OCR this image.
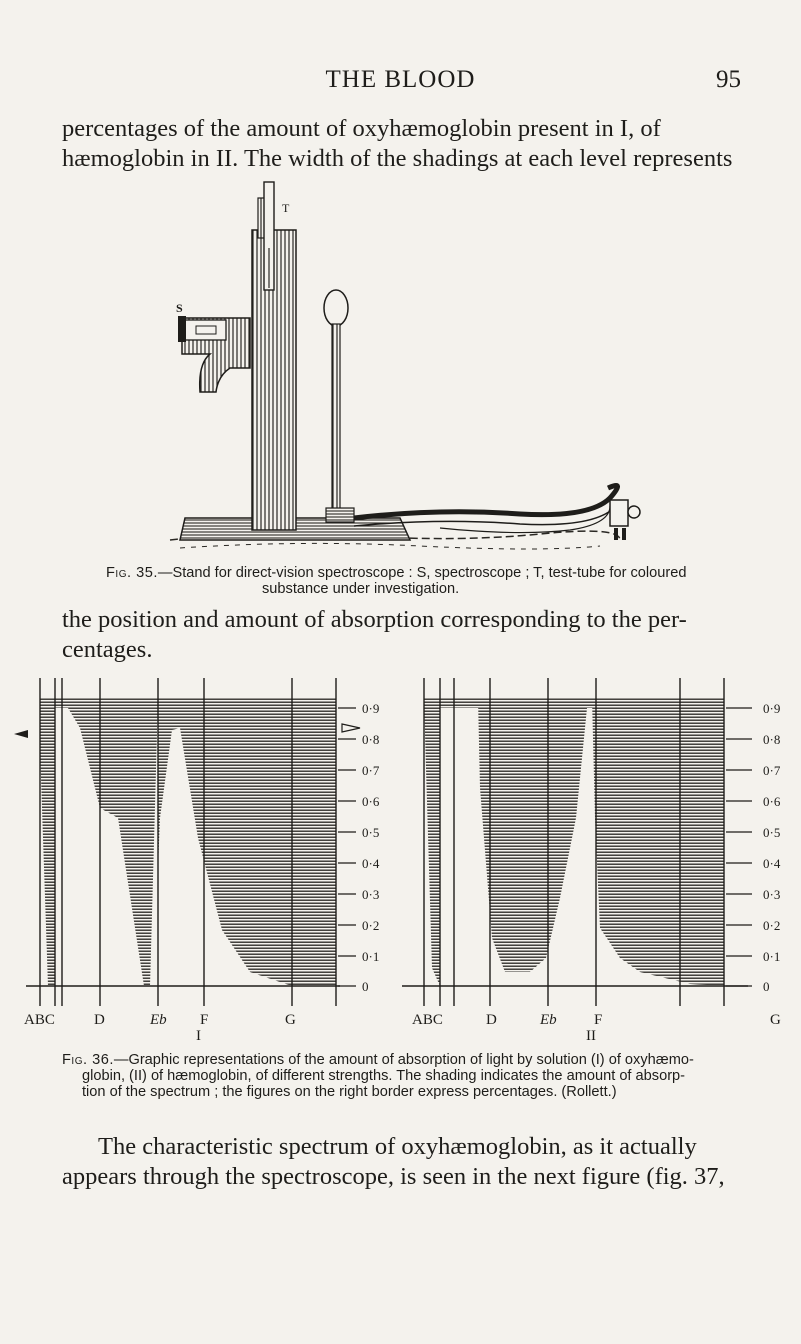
THE BLOOD	95
percentages of the amount of oxyhæmoglobin present in I, of
hæmoglobin in II. The width of the shadings at each level represents
T
S
Fig. 35.—Stand for direct-vision spectroscope : S, spectroscope ; T, test-tube for coloured
substance under investigation.
the position and amount of absorption corresponding to the per-
centages.
0·9
0·8
0·7
0·6
0·5
0·4
0·3
0·2
0·1
0
0·9
0·8
0·7
0·6
0·5
0·4
0·3
0·2
0·1
0
ABC	D	Eb F	G	ABC	D	Eb F	G
I	II
Fig. 36.—Graphic representations of the amount of absorption of light by solution (I) of oxyhæmo-
globin, (II) of hæmoglobin, of different strengths. The shading indicates the amount of absorp-
tion of the spectrum ; the figures on the right border express percentages. (Rollett.)
The characteristic spectrum of oxyhæmoglobin, as it actually
appears through the spectroscope, is seen in the next figure (fig. 37,
